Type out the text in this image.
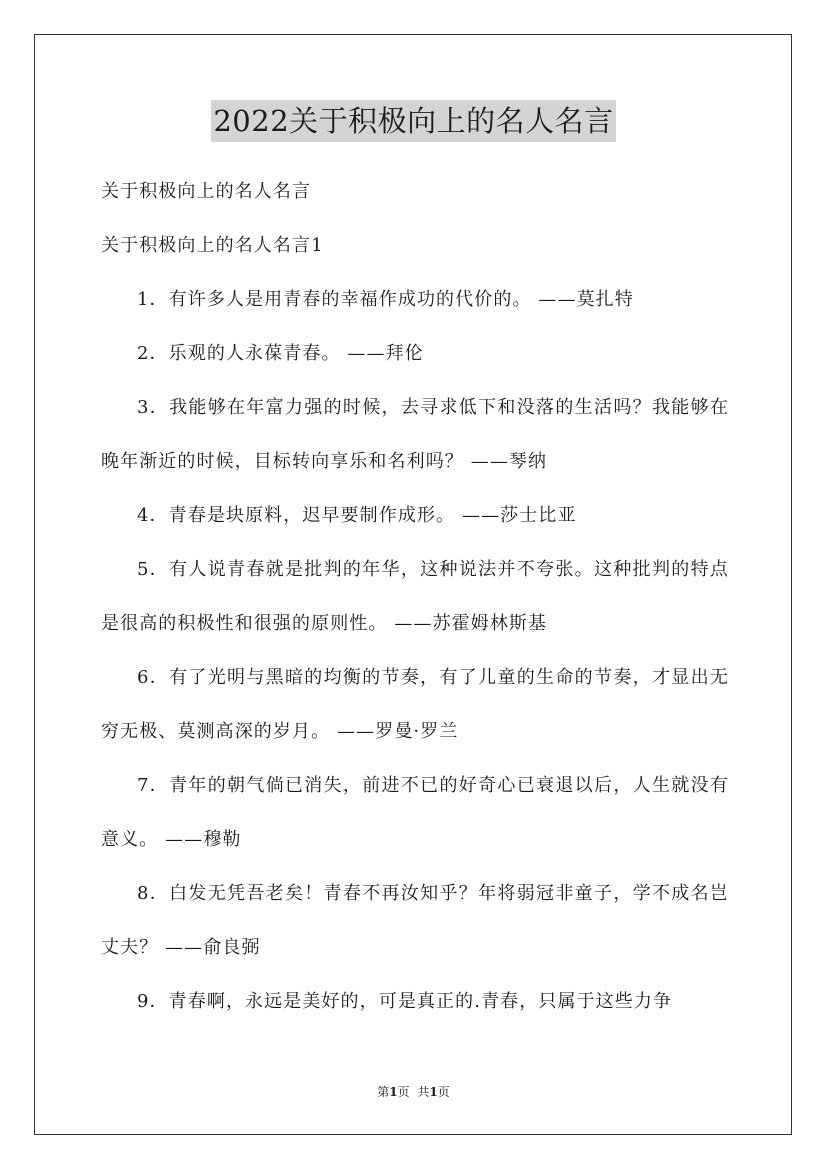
2022关于积极向上的名人名言

关于积极向上的名人名言

关于积极向上的名人名言1

1．有许多人是用青春的幸福作成功的代价的。 ——莫扎特

2．乐观的人永葆青春。 ——拜伦

3．我能够在年富力强的时候，去寻求低下和没落的生活吗？我能够在晚年渐近的时候，目标转向享乐和名利吗？ ——琴纳

4．青春是块原料，迟早要制作成形。 ——莎士比亚

5．有人说青春就是批判的年华，这种说法并不夸张。这种批判的特点是很高的积极性和很强的原则性。 ——苏霍姆林斯基

6．有了光明与黑暗的均衡的节奏，有了儿童的生命的节奏，才显出无穷无极、莫测高深的岁月。 ——罗曼·罗兰

7．青年的朝气倘已消失，前进不已的好奇心已衰退以后，人生就没有意义。 ——穆勒

8．白发无凭吾老矣！青春不再汝知乎？年将弱冠非童子，学不成名岂丈夫？ ——俞良弼

9．青春啊，永远是美好的，可是真正的.青春，只属于这些力争

第1页 共1页
